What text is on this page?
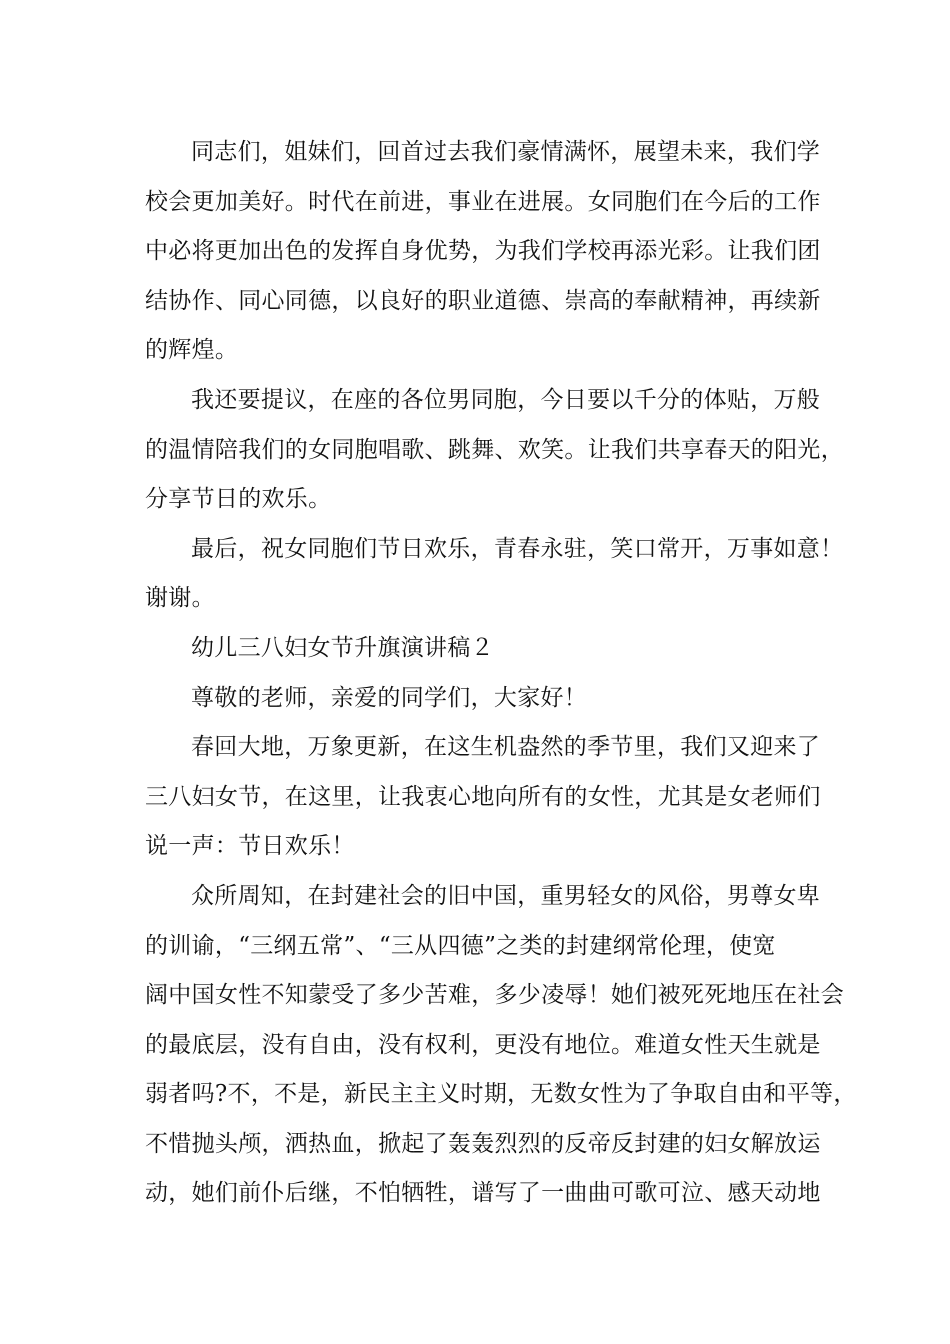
同志们，姐妹们，回首过去我们豪情满怀，展望未来，我们学
校会更加美好。时代在前进，事业在进展。女同胞们在今后的工作
中必将更加出色的发挥自身优势，为我们学校再添光彩。让我们团
结协作、同心同德，以良好的职业道德、崇高的奉献精神，再续新
的辉煌。

我还要提议，在座的各位男同胞，今日要以千分的体贴，万般
的温情陪我们的女同胞唱歌、跳舞、欢笑。让我们共享春天的阳光，
分享节日的欢乐。

最后，祝女同胞们节日欢乐，青春永驻，笑口常开，万事如意！
谢谢。

幼儿三八妇女节升旗演讲稿２

尊敬的老师，亲爱的同学们，大家好！

春回大地，万象更新，在这生机盎然的季节里，我们又迎来了
三八妇女节，在这里，让我衷心地向所有的女性，尤其是女老师们
说一声：节日欢乐！

众所周知，在封建社会的旧中国，重男轻女的风俗，男尊女卑
的训谕，“三纲五常”、“三从四德”之类的封建纲常伦理，使宽
阔中国女性不知蒙受了多少苦难，多少凌辱！她们被死死地压在社会
的最底层，没有自由，没有权利，更没有地位。难道女性天生就是
弱者吗?不，不是，新民主主义时期，无数女性为了争取自由和平等，
不惜抛头颅，洒热血，掀起了轰轰烈烈的反帝反封建的妇女解放运
动，她们前仆后继，不怕牺牲，谱写了一曲曲可歌可泣、感天动地
